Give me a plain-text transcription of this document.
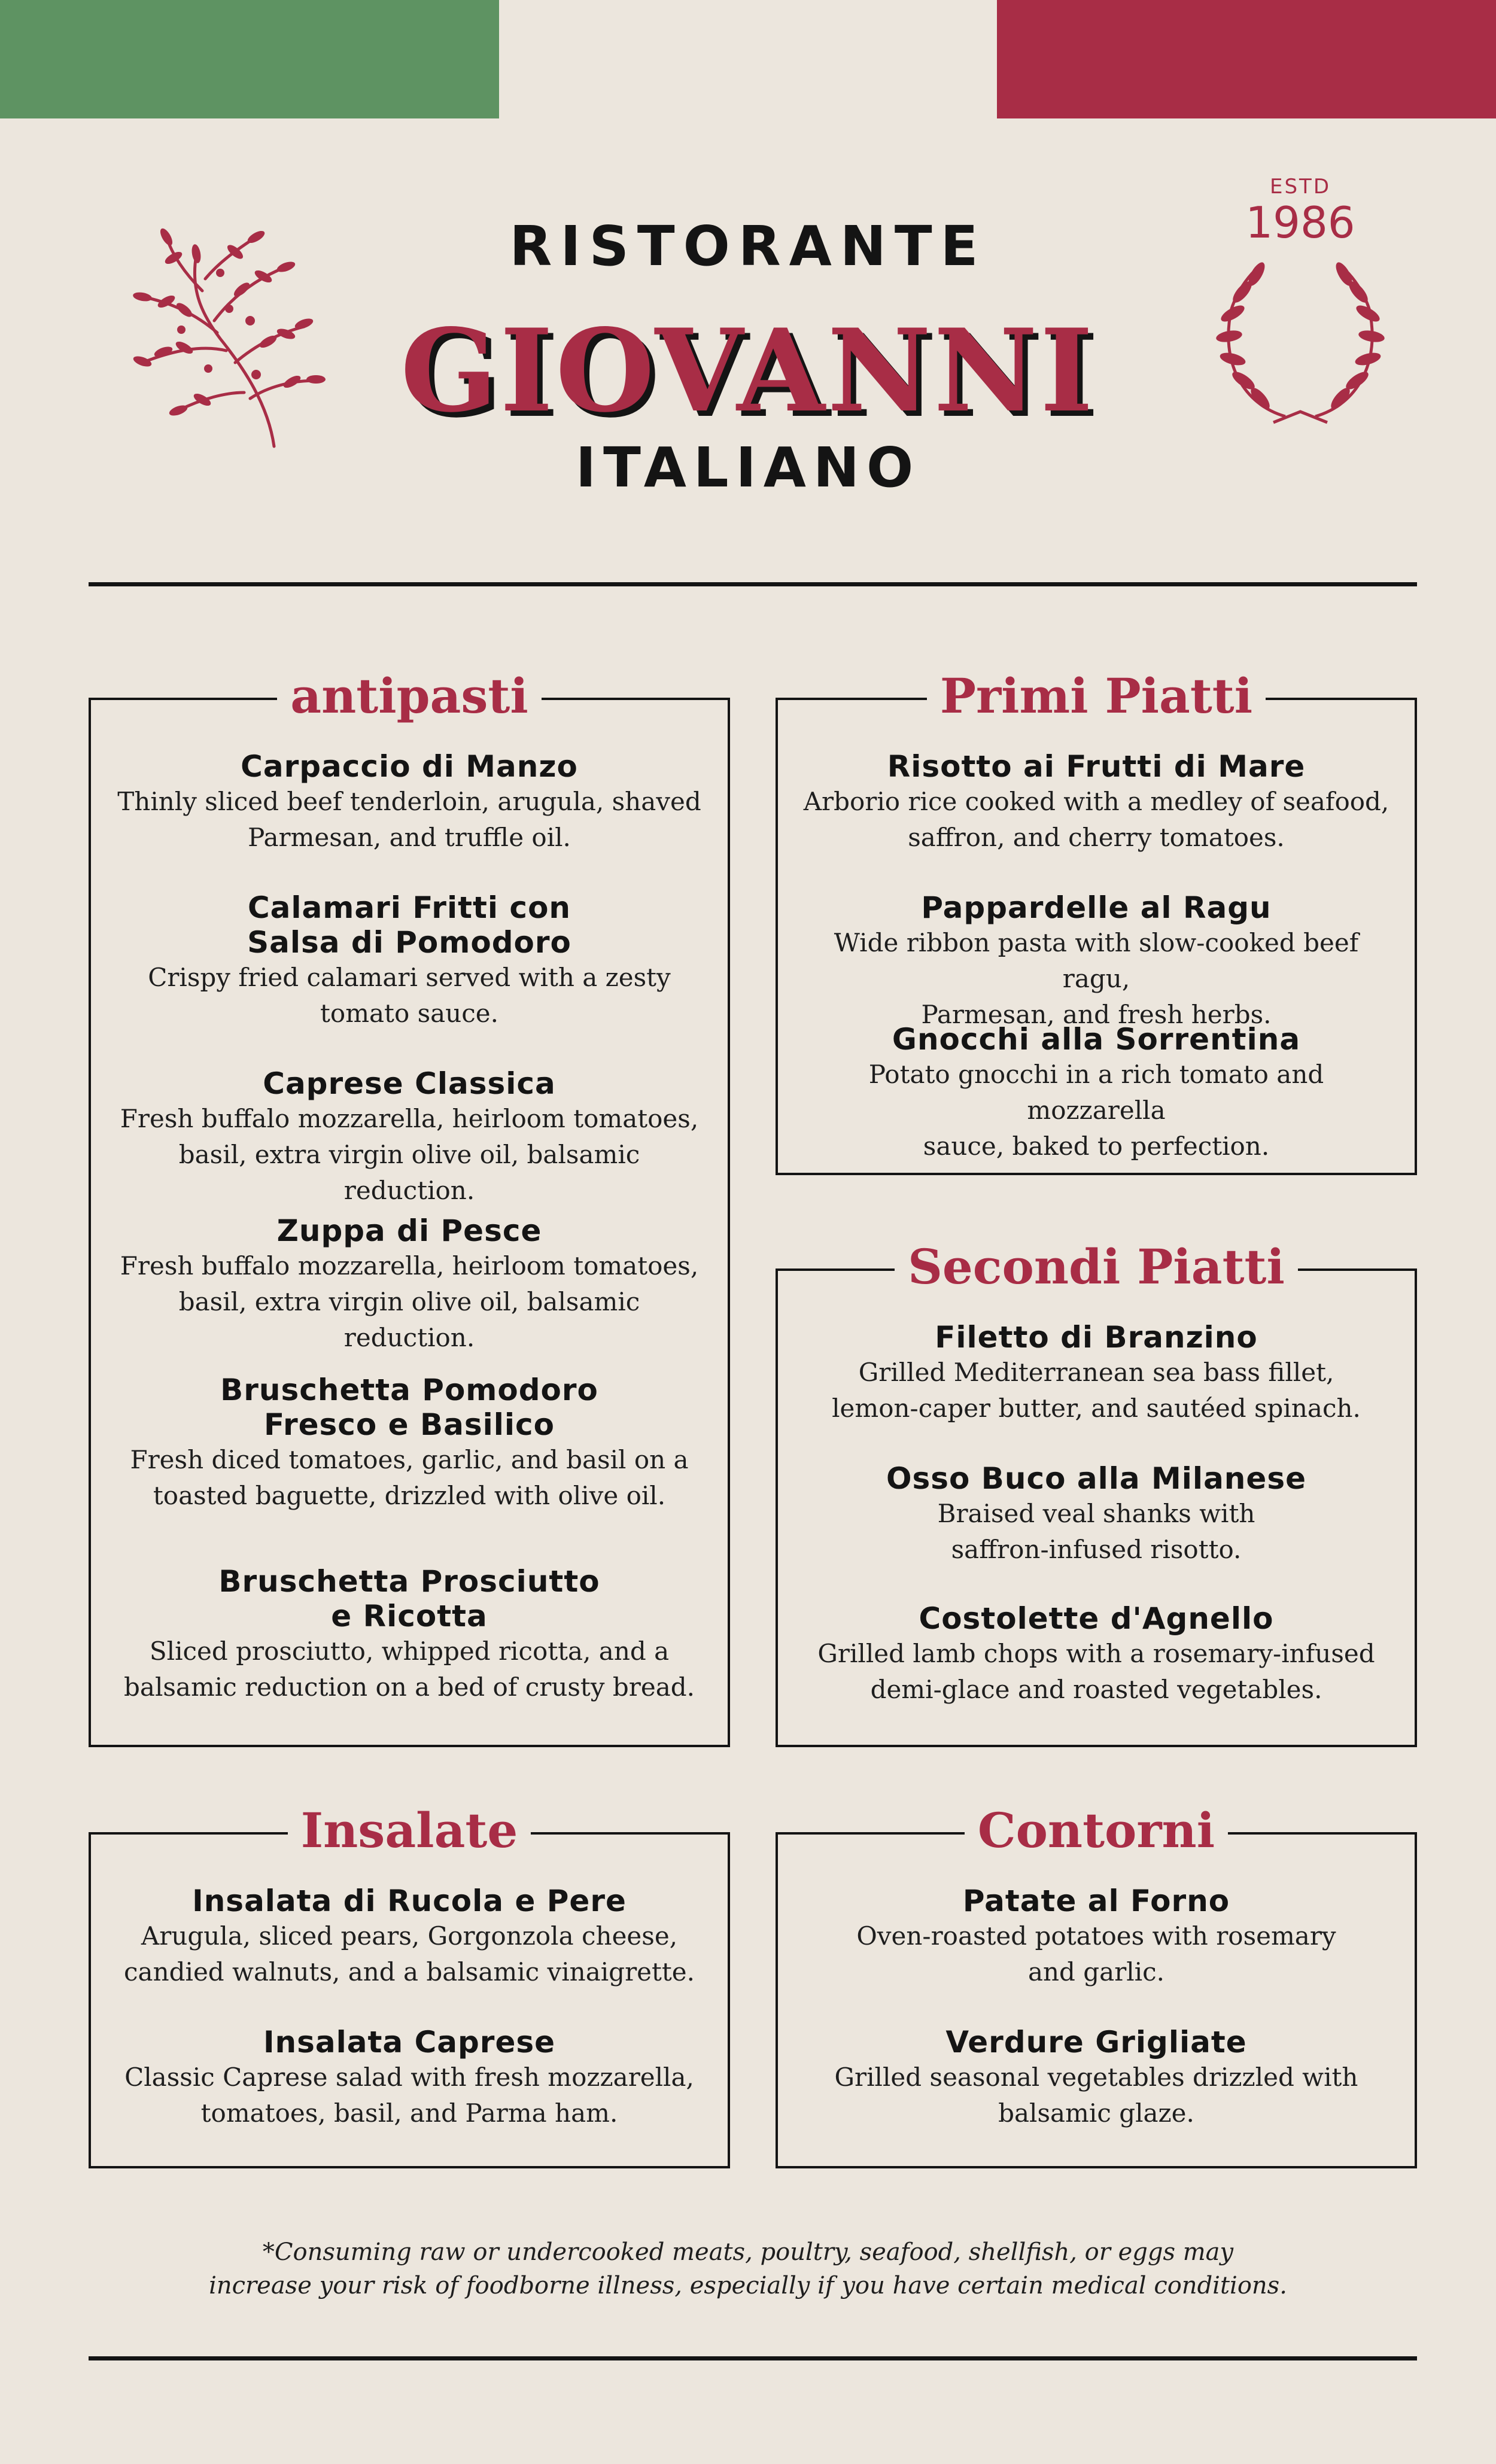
RISTORANTE
GIOVANNI
ITALIANO
ESTD
1986
antipasti

Carpaccio di Manzo

Thinly sliced beef tenderloin, arugula, shaved

Parmesan, and truffle oil.

Calamari Fritti con

Salsa di Pomodoro

Crispy fried calamari served with a zesty

tomato sauce.

Caprese Classica

Fresh buffalo mozzarella, heirloom tomatoes,

basil, extra virgin olive oil, balsamic reduction.

Zuppa di Pesce

Fresh buffalo mozzarella, heirloom tomatoes,

basil, extra virgin olive oil, balsamic reduction.

Bruschetta Pomodoro

Fresco e Basilico

Fresh diced tomatoes, garlic, and basil on a

toasted baguette, drizzled with olive oil.

Bruschetta Prosciutto

e Ricotta

Sliced prosciutto, whipped ricotta, and a

balsamic reduction on a bed of crusty bread.

Primi Piatti

Risotto ai Frutti di Mare

Arborio rice cooked with a medley of seafood,

saffron, and cherry tomatoes.

Pappardelle al Ragu

Wide ribbon pasta with slow-cooked beef ragu,

Parmesan, and fresh herbs.

Gnocchi alla Sorrentina

Potato gnocchi in a rich tomato and mozzarella

sauce, baked to perfection.

Secondi Piatti

Filetto di Branzino

Grilled Mediterranean sea bass fillet,

lemon-caper butter, and sautéed spinach.

Osso Buco alla Milanese

Braised veal shanks with

saffron-infused risotto.

Costolette d'Agnello

Grilled lamb chops with a rosemary-infused

demi-glace and roasted vegetables.

Insalate

Insalata di Rucola e Pere

Arugula, sliced pears, Gorgonzola cheese,

candied walnuts, and a balsamic vinaigrette.

Insalata Caprese

Classic Caprese salad with fresh mozzarella,

tomatoes, basil, and Parma ham.

Contorni

Patate al Forno

Oven-roasted potatoes with rosemary

and garlic.

Verdure Grigliate

Grilled seasonal vegetables drizzled with

balsamic glaze.

*Consuming raw or undercooked meats, poultry, seafood, shellfish, or eggs may
increase your risk of foodborne illness, especially if you have certain medical conditions.
